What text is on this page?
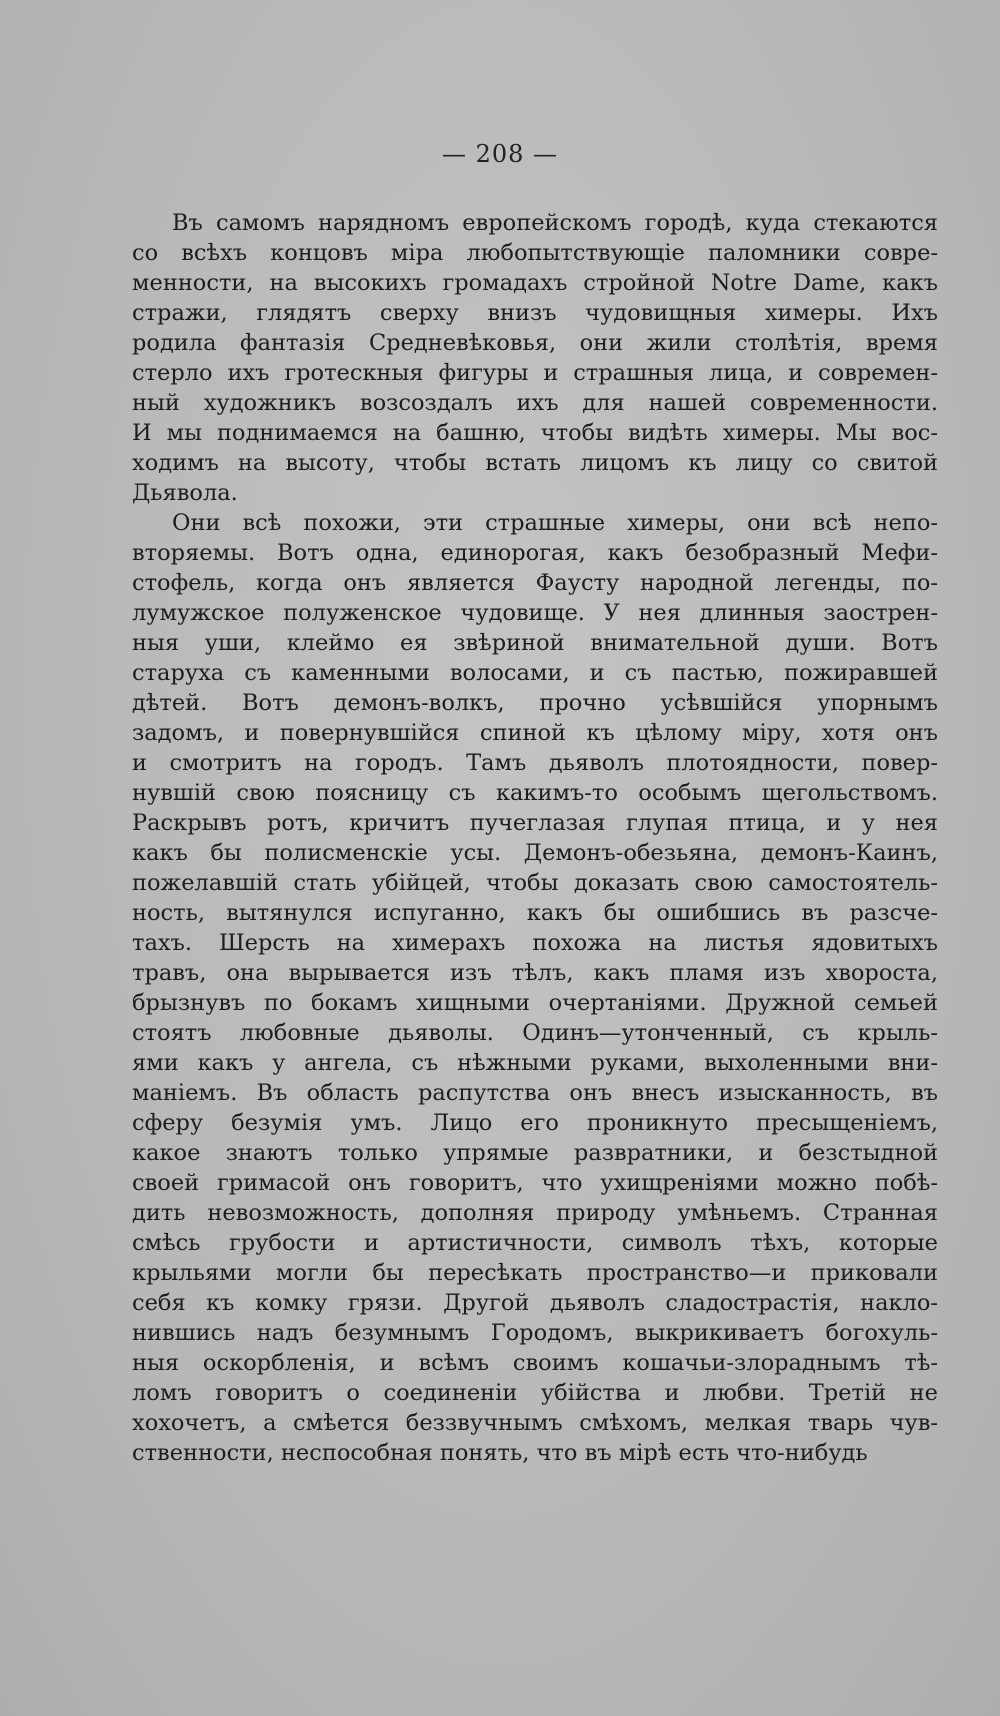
— 208 —

Въ самомъ нарядномъ европейскомъ городѣ, куда стекаются
со всѣхъ концовъ міра любопытствующіе паломники совре-
менности, на высокихъ громадахъ стройной Notre Dame, какъ
стражи, глядятъ сверху внизъ чудовищныя химеры. Ихъ
родила фантазія Средневѣковья, они жили столѣтія, время
стерло ихъ гротескныя фигуры и страшныя лица, и современ-
ный художникъ возсоздалъ ихъ для нашей современности.
И мы поднимаемся на башню, чтобы видѣть химеры. Мы вос-
ходимъ на высоту, чтобы встать лицомъ къ лицу со свитой
Дьявола.

Они всѣ похожи, эти страшные химеры, они всѣ непо-
вторяемы. Вотъ одна, единорогая, какъ безобразный Мефи-
стофель, когда онъ является Фаусту народной легенды, по-
лумужское полуженское чудовище. У нея длинныя заострен-
ныя уши, клеймо ея звѣриной внимательной души. Вотъ
старуха съ каменными волосами, и съ пастью, пожиравшей
дѣтей. Вотъ демонъ-волкъ, прочно усѣвшійся упорнымъ
задомъ, и повернувшійся спиной къ цѣлому міру, хотя онъ
и смотритъ на городъ. Тамъ дьяволъ плотоядности, повер-
нувшій свою поясницу съ какимъ-то особымъ щегольствомъ.
Раскрывъ ротъ, кричитъ пучеглазая глупая птица, и у нея
какъ бы полисменскіе усы. Демонъ-обезьяна, демонъ-Каинъ,
пожелавшій стать убійцей, чтобы доказать свою самостоятель-
ность, вытянулся испуганно, какъ бы ошибшись въ разсче-
тахъ. Шерсть на химерахъ похожа на листья ядовитыхъ
травъ, она вырывается изъ тѣлъ, какъ пламя изъ хвороста,
брызнувъ по бокамъ хищными очертаніями. Дружной семьей
стоятъ любовные дьяволы. Одинъ—утонченный, съ крыль-
ями какъ у ангела, съ нѣжными руками, выхоленными вни-
маніемъ. Въ область распутства онъ внесъ изысканность, въ
сферу безумія умъ. Лицо его проникнуто пресыщеніемъ,
какое знаютъ только упрямые развратники, и безстыдной
своей гримасой онъ говоритъ, что ухищреніями можно побѣ-
дить невозможность, дополняя природу умѣньемъ. Странная
смѣсь грубости и артистичности, символъ тѣхъ, которые
крыльями могли бы пересѣкать пространство—и приковали
себя къ комку грязи. Другой дьяволъ сладострастія, накло-
нившись надъ безумнымъ Городомъ, выкрикиваетъ богохуль-
ныя оскорбленія, и всѣмъ своимъ кошачьи-злораднымъ тѣ-
ломъ говоритъ о соединеніи убійства и любви. Третій не
хохочетъ, а смѣется беззвучнымъ смѣхомъ, мелкая тварь чув-
ственности, неспособная понять, что въ мірѣ есть что-нибудь
